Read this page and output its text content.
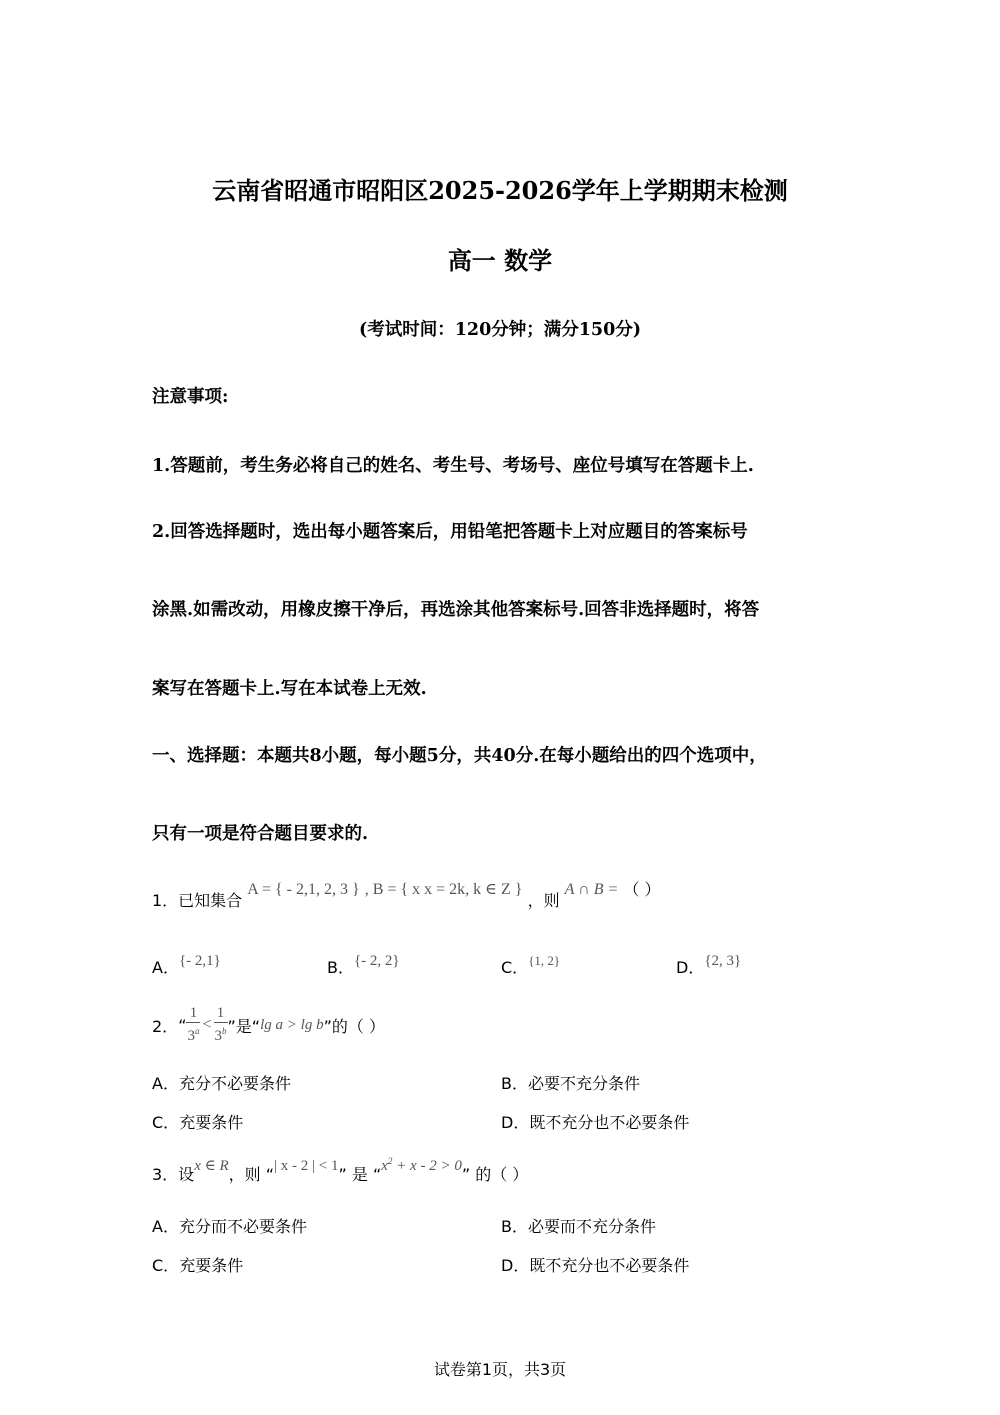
云南省昭通市昭阳区2025-2026学年上学期期末检测
高一 数学
(考试时间：120分钟；满分150分)
注意事项:
1.答题前，考生务必将自己的姓名、考生号、考场号、座位号填写在答题卡上.
2.回答选择题时，选出每小题答案后，用铅笔把答题卡上对应题目的答案标号
涂黑.如需改动，用橡皮擦干净后，再选涂其他答案标号.回答非选择题时，将答
案写在答题卡上.写在本试卷上无效.
一、选择题：本题共8小题，每小题5分，共40分.在每小题给出的四个选项中，
只有一项是符合题目要求的.
1．已知集合 A = { - 2,1, 2, 3 } , B = { x x = 2k, k ∈ Z } ，则 A ∩ B = （ ）
A．{- 2,1}	B．{- 2, 2}	C．$^{\{1, 2\}}$	D．{2, 3}
2． “ $\frac{1}{3^a} < \frac{1}{3^b}$ ”是“ lg a > lg b ”的（ ）
A．充分不必要条件	B．必要不充分条件
C．充要条件	D．既不充分也不必要条件
3．设x ∈ R，则 “| x - 2 | < 1” 是 “$x^2 + x - 2 > 0$” 的（ ）
A．充分而不必要条件	B．必要而不充分条件
C．充要条件	D．既不充分也不必要条件
试卷第1页，共3页
